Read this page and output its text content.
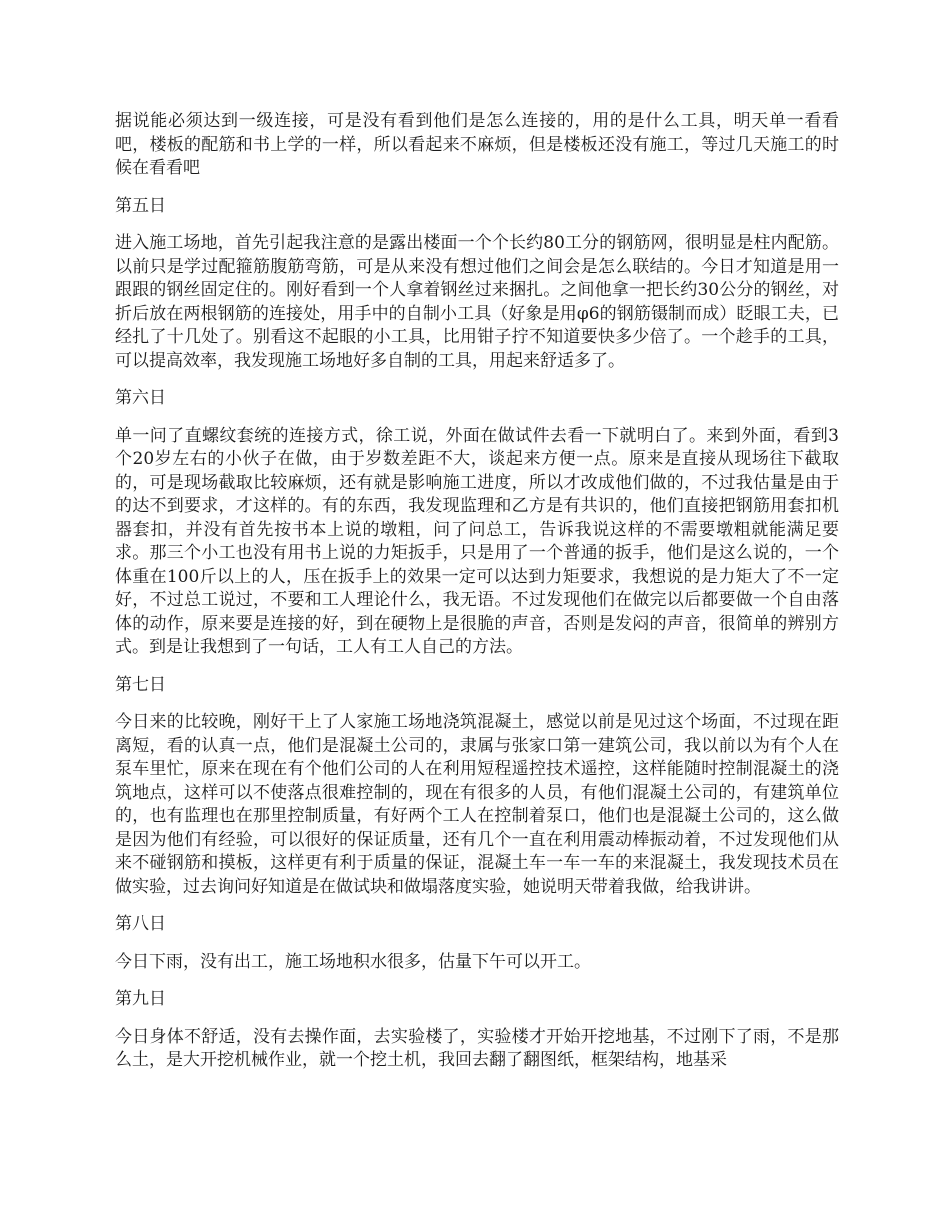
据说能必须达到一级连接，可是没有看到他们是怎么连接的，用的是什么工具，明天单一看看吧，楼板的配筋和书上学的一样，所以看起来不麻烦，但是楼板还没有施工，等过几天施工的时候在看看吧

第五日

进入施工场地，首先引起我注意的是露出楼面一个个长约80工分的钢筋网，很明显是柱内配筋。以前只是学过配箍筋腹筋弯筋，可是从来没有想过他们之间会是怎么联结的。今日才知道是用一跟跟的钢丝固定住的。刚好看到一个人拿着钢丝过来捆扎。之间他拿一把长约30公分的钢丝，对折后放在两根钢筋的连接处，用手中的自制小工具（好象是用φ6的钢筋镊制而成）眨眼工夫，已经扎了十几处了。别看这不起眼的小工具，比用钳子拧不知道要快多少倍了。一个趁手的工具，可以提高效率，我发现施工场地好多自制的工具，用起来舒适多了。

第六日

单一问了直螺纹套统的连接方式，徐工说，外面在做试件去看一下就明白了。来到外面，看到3个20岁左右的小伙子在做，由于岁数差距不大，谈起来方便一点。原来是直接从现场往下截取的，可是现场截取比较麻烦，还有就是影响施工进度，所以才改成他们做的，不过我估量是由于的达不到要求，才这样的。有的东西，我发现监理和乙方是有共识的，他们直接把钢筋用套扣机器套扣，并没有首先按书本上说的墩粗，问了问总工，告诉我说这样的不需要墩粗就能满足要求。那三个小工也没有用书上说的力矩扳手，只是用了一个普通的扳手，他们是这么说的，一个体重在100斤以上的人，压在扳手上的效果一定可以达到力矩要求，我想说的是力矩大了不一定好，不过总工说过，不要和工人理论什么，我无语。不过发现他们在做完以后都要做一个自由落体的动作，原来要是连接的好，到在硬物上是很脆的声音，否则是发闷的声音，很简单的辨别方式。到是让我想到了一句话，工人有工人自己的方法。

第七日

今日来的比较晚，刚好干上了人家施工场地浇筑混凝土，感觉以前是见过这个场面，不过现在距离短，看的认真一点，他们是混凝土公司的，隶属与张家口第一建筑公司，我以前以为有个人在泵车里忙，原来在现在有个他们公司的人在利用短程遥控技术遥控，这样能随时控制混凝土的浇筑地点，这样可以不使落点很难控制的，现在有很多的人员，有他们混凝土公司的，有建筑单位的，也有监理也在那里控制质量，有好两个工人在控制着泵口，他们也是混凝土公司的，这么做是因为他们有经验，可以很好的保证质量，还有几个一直在利用震动棒振动着，不过发现他们从来不碰钢筋和摸板，这样更有利于质量的保证，混凝土车一车一车的来混凝土，我发现技术员在做实验，过去询问好知道是在做试块和做塌落度实验，她说明天带着我做，给我讲讲。

第八日

今日下雨，没有出工，施工场地积水很多，估量下午可以开工。

第九日

今日身体不舒适，没有去操作面，去实验楼了，实验楼才开始开挖地基，不过刚下了雨，不是那么土，是大开挖机械作业，就一个挖土机，我回去翻了翻图纸，框架结构，地基采
